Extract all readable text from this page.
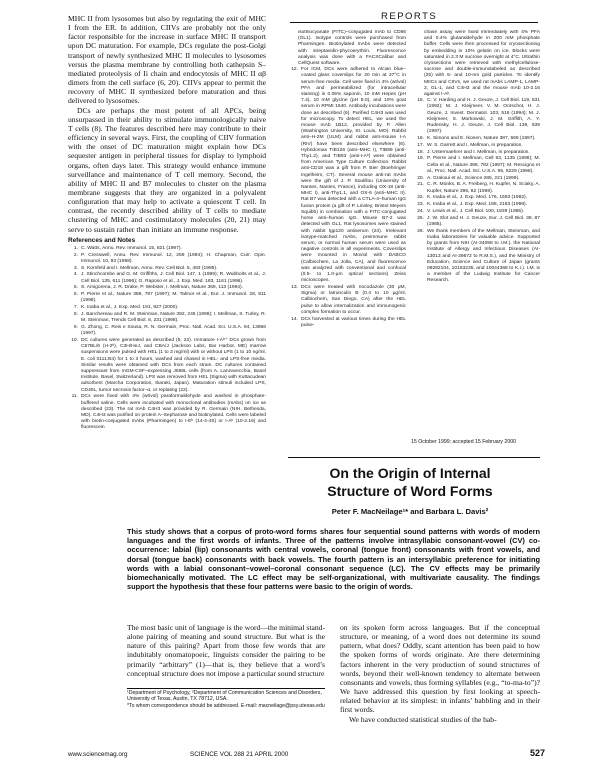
REPORTS

MHC II from lysosomes but also by regulating the exit of MHC I from the ER. In addition, CIIVs are probably not the only factor responsible for the increase in surface MHC II transport upon DC maturation. For example, DCs regulate the post-Golgi transport of newly synthesized MHC II molecules to lysosomes versus the plasma membrane by controlling both cathepsin S–mediated proteolysis of Ii chain and endocytosis of MHC II αβ dimers from the cell surface (6, 20). CIIVs appear to permit the recovery of MHC II synthesized before maturation and thus delivered to lysosomes.

DCs are perhaps the most potent of all APCs, being unsurpassed in their ability to stimulate immunologically naive T cells (8). The features described here may contribute to their efficiency in several ways. First, the coupling of CIIV formation with the onset of DC maturation might explain how DCs sequester antigen in peripheral tissues for display to lymphoid organs, often days later. This strategy would enhance immune surveillance and maintenance of T cell memory. Second, the ability of MHC II and B7 molecules to cluster on the plasma membrane suggests that they are organized in a polyvalent configuration that may help to activate a quiescent T cell. In contrast, the recently described ability of T cells to mediate clustering of MHC and costimulatory molecules (20, 21) may serve to sustain rather than initiate an immune response.

References and Notes
1. C. Watts, Annu. Rev. Immunol. 15, 821 (1997).
2. P. Cresswell, Annu. Rev. Immunol. 12, 259 (1994); H. Chapman, Curr. Opin. Immunol. 10, 93 (1998).
3. S. Kornfeld and I. Mellman, Annu. Rev. Cell Biol. 5, 483 (1989).
4. J. Stinchcombe and G. M. Griffiths, J. Cell Biol. 147, 1 (1999); R. Wubbolts et al., J. Cell Biol. 135, 611 (1996); G. Raposo et al., J. Exp. Med. 183, 1161 (1996).
5. S. Amigorena, J. R. Drake, P. Webster, I. Mellman, Nature 369, 113 (1994).
6. P. Pierre et al., Nature 388, 787 (1997); M. Talmor et al., Eur. J. Immunol. 28, 811 (1998).
7. K. Inaba et al., J. Exp. Med. 191, 927 (2000).
8. J. Banchereau and R. M. Steinman, Nature 392, 245 (1998); I. Mellman, S. Turley, R. M. Steinman, Trends Cell Biol. 8, 231 (1998).
9. G. Zhong, C. Reis e Sousa, R. N. Germain, Proc. Natl. Acad. Sci. U.S.A. 94, 13856 (1997).
10. DC cultures were generated as described (5, 22). Immature I-Aᵇ⁺ DCs grown from C57BL/6 (H-2ᵇ), C3H/HeJ, and CBA/J (Jackson Labs, Bar Harbor, ME) marrow suspensions were pulsed with HEL (1 to 3 mg/ml) with or without LPS (1 to 10 ng/ml, E. coli 0111:B4) for 1 to 3 hours, washed and chased in HEL- and LPS-free media. Similar results were obtained with DCs from each strain. DC cultures contained suppressant from mGM-CSF–expressing J558L cells (from A. Lanzavecchia, Basel Institute, Basel, Switzerland). LPS was removed from HEL (Sigma) with Kuttacudean adsorbent (Marcha Corporation, Ibaraki, Japan). Maturation stimuli included LPS, CD40L, tumor necrosis factor–α, or replating (22).
11. DCs were fixed with 4% (wt/vol) paraformaldehyde and washed in phosphate-buffered saline. Cells were incubated with monoclonal antibodies (mAbs) on ice as described (23). The rat mAb C4H3 was provided by R. Germain (NIH, Bethesda, MD). C4H3 was purified on protein A–Sepharose and biotinylated. Cells were labeled with biotin-conjugated mAbs (Pharmingen) to I-Eᵏ (14-4-4S) or I-Aᵏ (10-2.16) and fluorescein
isothiocyanate (FITC)–conjugated mAb to CD86 (GL1). Isotype controls were purchased from Pharmingen. Biotinylated mAbs were detected with streptavidin-phycoerythrin. Fluorescence analysis was done with a FACSCalibur and CellQuest software.
12. For ICM, DCs were adhered to Alcian blue–coated glass coverslips for 20 min at 37°C in serum-free media. Cell were fixed in 4% (wt/vol) PFA and permeabilized (for intracellular staining) in 0.05% saponin, 10 mM Hepes (pH 7.4), 10 mM glycine (pH 8.0), and 10% goat serum in RPMI 1640. Antibody incubations were done as described (6). Purified C4H3 was used for microscopy. To detect HEL, we used the mouse mAb 1B12, provided by P. Allen (Washington University, St. Louis, MO). Rabbit anti–H-2M (ULM) and rabbit anti-mouse I-A (RIV) have been described elsewhere (6). Hybridomas TIB126 (anti–MHC I), TIB99 (anti-Thy1.2), and TIB93 (anti-I-Aᵇ) were obtained from American Type Culture Collection. Rabbit anti-CD18 was a gift from P. Bier (Boehringer Ingelheim, CT). Several mouse anti-rat mAbs were the gift of J. P. Soulillou (University of Nantes, Nantes, France), including OX-18 (anti-MHC I), anti-Thy1.1, and OX-6 (anti–MHC II). Rat B7 was detected with a CTLA-4–human IgG fusion protein (a gift of P. Linsley, Bristol Meyers Squibb) in combination with a FITC-conjugated horse anti–human IgG. Mouse B7-2 was detected with GL1. Rat lysosomes were stained with rabbit lgp120 antiserum (24). Irrelevant isotype-matched mAbs, preimmune rabbit serum, or normal human serum were used as negative controls in all experiments. Coverslips were mounted in Moviol with DABCO (Calbiochem, La Jolla, CA), and fluorescence was analyzed with conventional and confocal (0.5- to 1.0-μm optical sections) Zeiss microscopes.
13. DCs were treated with nocodazole (30 μM, Sigma) or latrunculin B (0.4 to 10 μg/ml, Calbiochem, San Diego, CA) after the HEL pulse to allow internalization and immunogenic complex formation to occur.
14. DCs harvested at various times during the HEL pulse-
chase assay were fixed immediately with 4% PFA and 0.4% glutaraldehyde in 200 mM phosphate buffer. Cells were then processed for cryosectioning by embedding in 10% gelatin on ice. Blocks were saturated in 2.3 M sucrose overnight at 4°C. Ultrathin cryosections were retrieved with methylcellulose-sucrose and double-immunolabeled as described (25) with 5- and 10-nm gold particles. To identify MIICs and CIIVs, we used rat mAbs LAMP-1, LAMP-2, GL-1, and C4H3 and the mouse mAb 10-2.16 against I-Aᵏ.
15. C. V. Harding and H. J. Geuze, J. Cell Biol. 119, 531 (1992); M. J. Kleijmeer, V. M. Oorschot, H. J. Geuze, J. Invest. Dermatol. 103, 516 (1994); M. J. Kleijmeer, S. Morkowski, J. M. Griffith, A. Y. Rudensky, H. J. Geuze, J. Cell Biol. 139, 639 (1997).
16. K. Simons and E. Ikonen, Nature 387, 569 (1997).
17. W. S. Garrett and I. Mellman, in preparation.
18. J. Untermaehrer and I. Mellman, in preparation.
19. P. Pierre and I. Mellman, Cell 93, 1135 (1998); M. Cella et al., Nature 388, 782 (1997); M. Rescigno et al., Proc. Natl. Acad. Sci. U.S.A. 95, 5229 (1998).
20. A. Grakoui et al., Science 285, 221 (1999).
21. C. R. Monks, B. A. Freiberg, H. Kupfer, N. Sciaky, A. Kupfer, Nature 395, 82 (1998).
22. K. Inaba et al., J. Exp. Med. 176, 1693 (1992).
23. K. Inaba et al., J. Exp. Med. 188, 2163 (1998).
24. V. Lewis et al., J. Cell Biol. 100, 1839 (1985).
25. J. W. Slot and H. J. Geuze, Eur. J. Cell Biol. 38, 87 (1985).
26. We thank members of the Mellman, Steinman, and Inaba laboratories for valuable advice. Supported by grants from NIH (AI-34098 to I.M.), the National Institute of Allergy and Infectious Diseases (AI-13013 and AI-39672 to R.M.S.), and the Ministry of Education, Science and Culture of Japan (grants 08282104, 10153235, and 10044368 to K.I.). I.M. is a member of the Ludwig Institute for Cancer Research.
15 October 1999; accepted 15 February 2000
On the Origin of Internal Structure of Word Forms
Peter F. MacNeilage¹* and Barbara L. Davis²
This study shows that a corpus of proto-word forms shares four sequential sound patterns with words of modern languages and the first words of infants. Three of the patterns involve intrasyllabic consonant-vowel (CV) co-occurrence: labial (lip) consonants with central vowels, coronal (tongue front) consonants with front vowels, and dorsal (tongue back) consonants with back vowels. The fourth pattern is an intersyllabic preference for initiating words with a labial consonant–vowel–coronal consonant sequence (LC). The CV effects may be primarily biomechanically motivated. The LC effect may be self-organizational, with multivariate causality. The findings support the hypothesis that these four patterns were basic to the origin of words.

The most basic unit of language is the word—the minimal stand-alone pairing of meaning and sound structure. But what is the nature of this pairing? Apart from those few words that are indubitably onomatopoeic, linguists consider the pairing to be primarily “arbitrary” (1)—that is, they believe that a word’s conceptual structure does not impose a particular sound structure

¹Department of Psychology, ²Department of Communication Sciences and Disorders, University of Texas, Austin, TX 78712, USA.

*To whom correspondence should be addressed. E-mail: macneilage@psy.utexas.edu

on its spoken form across languages. But if the conceptual structure, or meaning, of a word does not determine its sound pattern, what does? Oddly, scant attention has been paid to how the spoken forms of words originate. Are there determining factors inherent in the very production of sound structures of words, beyond their well-known tendency to alternate between consonants and vowels, thus forming syllables (e.g., “to-ma-to”)? We have addressed this question by first looking at speech-related behavior at its simplest: in infants’ babbling and in their first words.

We have conducted statistical studies of the bab-

www.sciencemag.org	SCIENCE VOL 288 21 APRIL 2000	527
